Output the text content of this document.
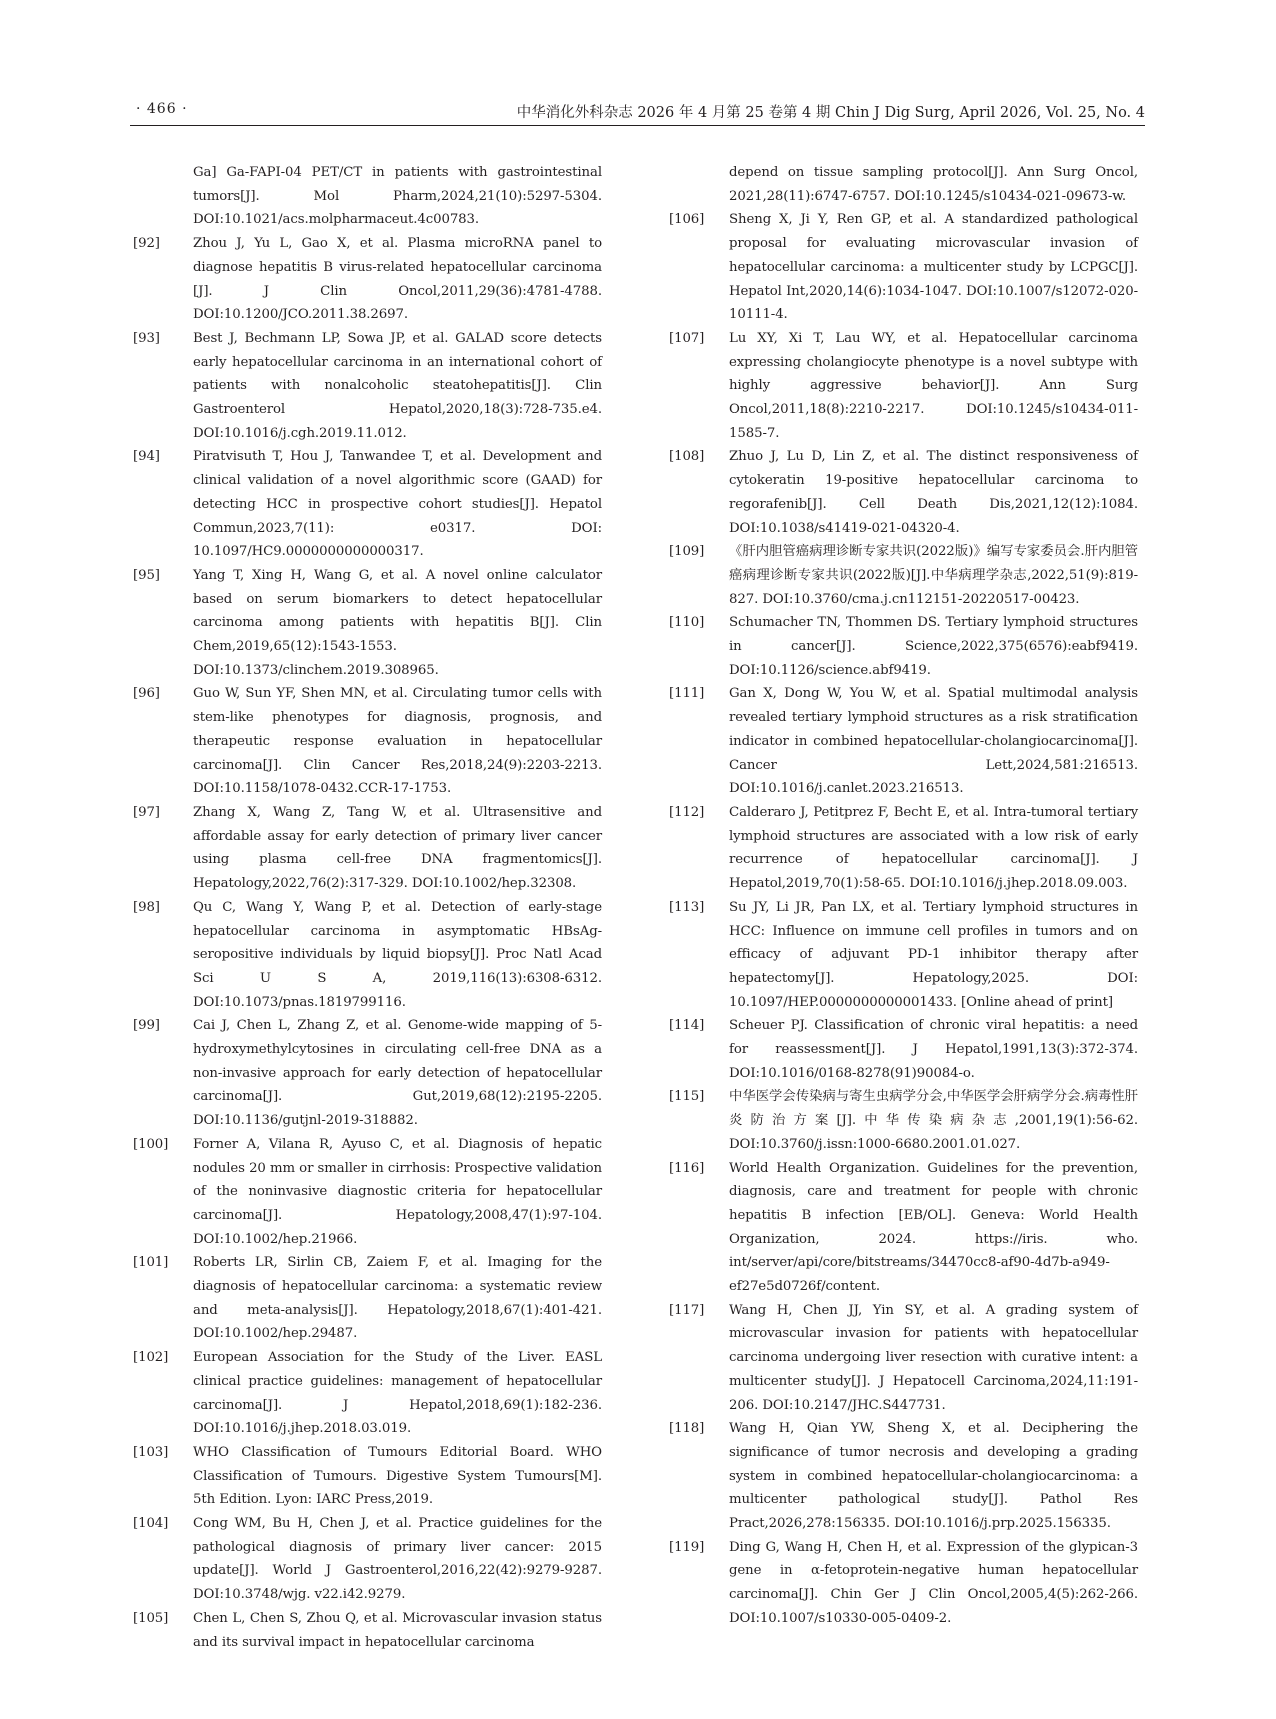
· 466 ·	中华消化外科杂志 2026 年 4 月第 25 卷第 4 期 Chin J Dig Surg, April 2026, Vol. 25, No. 4
Ga] Ga-FAPI-04 PET/CT in patients with gastrointestinal tumors[J]. Mol Pharm,2024,21(10):5297-5304. DOI:10.1021/acs.molpharmaceut.4c00783.
[92]	Zhou J, Yu L, Gao X, et al. Plasma microRNA panel to diagnose hepatitis B virus-related hepatocellular carcinoma [J]. J Clin Oncol,2011,29(36):4781-4788. DOI:10.1200/JCO.2011.38.2697.
[93]	Best J, Bechmann LP, Sowa JP, et al. GALAD score detects early hepatocellular carcinoma in an international cohort of patients with nonalcoholic steatohepatitis[J]. Clin Gastroenterol Hepatol,2020,18(3):728-735.e4. DOI:10.1016/j.cgh.2019.11.012.
[94]	Piratvisuth T, Hou J, Tanwandee T, et al. Development and clinical validation of a novel algorithmic score (GAAD) for detecting HCC in prospective cohort studies[J]. Hepatol Commun,2023,7(11): e0317. DOI: 10.1097/HC9.0000000000000317.
[95]	Yang T, Xing H, Wang G, et al. A novel online calculator based on serum biomarkers to detect hepatocellular carcinoma among patients with hepatitis B[J]. Clin Chem,2019,65(12):1543-1553. DOI:10.1373/clinchem.2019.308965.
[96]	Guo W, Sun YF, Shen MN, et al. Circulating tumor cells with stem-like phenotypes for diagnosis, prognosis, and therapeutic response evaluation in hepatocellular carcinoma[J]. Clin Cancer Res,2018,24(9):2203-2213. DOI:10.1158/1078-0432.CCR-17-1753.
[97]	Zhang X, Wang Z, Tang W, et al. Ultrasensitive and affordable assay for early detection of primary liver cancer using plasma cell-free DNA fragmentomics[J]. Hepatology,2022,76(2):317-329. DOI:10.1002/hep.32308.
[98]	Qu C, Wang Y, Wang P, et al. Detection of early-stage hepatocellular carcinoma in asymptomatic HBsAg-seropositive individuals by liquid biopsy[J]. Proc Natl Acad Sci U S A, 2019,116(13):6308-6312. DOI:10.1073/pnas.1819799116.
[99]	Cai J, Chen L, Zhang Z, et al. Genome-wide mapping of 5-hydroxymethylcytosines in circulating cell-free DNA as a non-invasive approach for early detection of hepatocellular carcinoma[J]. Gut,2019,68(12):2195-2205. DOI:10.1136/gutjnl-2019-318882.
[100]	Forner A, Vilana R, Ayuso C, et al. Diagnosis of hepatic nodules 20 mm or smaller in cirrhosis: Prospective validation of the noninvasive diagnostic criteria for hepatocellular carcinoma[J]. Hepatology,2008,47(1):97-104. DOI:10.1002/hep.21966.
[101]	Roberts LR, Sirlin CB, Zaiem F, et al. Imaging for the diagnosis of hepatocellular carcinoma: a systematic review and meta-analysis[J]. Hepatology,2018,67(1):401-421. DOI:10.1002/hep.29487.
[102]	European Association for the Study of the Liver. EASL clinical practice guidelines: management of hepatocellular carcinoma[J]. J Hepatol,2018,69(1):182-236. DOI:10.1016/j.jhep.2018.03.019.
[103]	WHO Classification of Tumours Editorial Board. WHO Classification of Tumours. Digestive System Tumours[M]. 5th Edition. Lyon: IARC Press,2019.
[104]	Cong WM, Bu H, Chen J, et al. Practice guidelines for the pathological diagnosis of primary liver cancer: 2015 update[J]. World J Gastroenterol,2016,22(42):9279-9287. DOI:10.3748/wjg. v22.i42.9279.
[105]	Chen L, Chen S, Zhou Q, et al. Microvascular invasion status and its survival impact in hepatocellular carcinoma
depend on tissue sampling protocol[J]. Ann Surg Oncol, 2021,28(11):6747-6757. DOI:10.1245/s10434-021-09673-w.
[106]	Sheng X, Ji Y, Ren GP, et al. A standardized pathological proposal for evaluating microvascular invasion of hepatocellular carcinoma: a multicenter study by LCPGC[J]. Hepatol Int,2020,14(6):1034-1047. DOI:10.1007/s12072-020-10111-4.
[107]	Lu XY, Xi T, Lau WY, et al. Hepatocellular carcinoma expressing cholangiocyte phenotype is a novel subtype with highly aggressive behavior[J]. Ann Surg Oncol,2011,18(8):2210-2217. DOI:10.1245/s10434-011-1585-7.
[108]	Zhuo J, Lu D, Lin Z, et al. The distinct responsiveness of cytokeratin 19-positive hepatocellular carcinoma to regorafenib[J]. Cell Death Dis,2021,12(12):1084. DOI:10.1038/s41419-021-04320-4.
[109]	《肝内胆管癌病理诊断专家共识(2022版)》编写专家委员会.肝内胆管癌病理诊断专家共识(2022版)[J].中华病理学杂志,2022,51(9):819-827. DOI:10.3760/cma.j.cn112151-20220517-00423.
[110]	Schumacher TN, Thommen DS. Tertiary lymphoid structures in cancer[J]. Science,2022,375(6576):eabf9419. DOI:10.1126/science.abf9419.
[111]	Gan X, Dong W, You W, et al. Spatial multimodal analysis revealed tertiary lymphoid structures as a risk stratification indicator in combined hepatocellular-cholangiocarcinoma[J]. Cancer Lett,2024,581:216513. DOI:10.1016/j.canlet.2023.216513.
[112]	Calderaro J, Petitprez F, Becht E, et al. Intra-tumoral tertiary lymphoid structures are associated with a low risk of early recurrence of hepatocellular carcinoma[J]. J Hepatol,2019,70(1):58-65. DOI:10.1016/j.jhep.2018.09.003.
[113]	Su JY, Li JR, Pan LX, et al. Tertiary lymphoid structures in HCC: Influence on immune cell profiles in tumors and on efficacy of adjuvant PD-1 inhibitor therapy after hepatectomy[J]. Hepatology,2025. DOI: 10.1097/HEP.0000000000001433. [Online ahead of print]
[114]	Scheuer PJ. Classification of chronic viral hepatitis: a need for reassessment[J]. J Hepatol,1991,13(3):372-374. DOI:10.1016/0168-8278(91)90084-o.
[115]	中华医学会传染病与寄生虫病学分会,中华医学会肝病学分会.病毒性肝炎防治方案[J].中华传染病杂志,2001,19(1):56-62. DOI:10.3760/j.issn:1000-6680.2001.01.027.
[116]	World Health Organization. Guidelines for the prevention, diagnosis, care and treatment for people with chronic hepatitis B infection [EB/OL]. Geneva: World Health Organization, 2024. https://iris. who. int/server/api/core/bitstreams/34470cc8-af90-4d7b-a949-ef27e5d0726f/content.
[117]	Wang H, Chen JJ, Yin SY, et al. A grading system of microvascular invasion for patients with hepatocellular carcinoma undergoing liver resection with curative intent: a multicenter study[J]. J Hepatocell Carcinoma,2024,11:191-206. DOI:10.2147/JHC.S447731.
[118]	Wang H, Qian YW, Sheng X, et al. Deciphering the significance of tumor necrosis and developing a grading system in combined hepatocellular-cholangiocarcinoma: a multicenter pathological study[J]. Pathol Res Pract,2026,278:156335. DOI:10.1016/j.prp.2025.156335.
[119]	Ding G, Wang H, Chen H, et al. Expression of the glypican-3 gene in α-fetoprotein-negative human hepatocellular carcinoma[J]. Chin Ger J Clin Oncol,2005,4(5):262-266. DOI:10.1007/s10330-005-0409-2.
